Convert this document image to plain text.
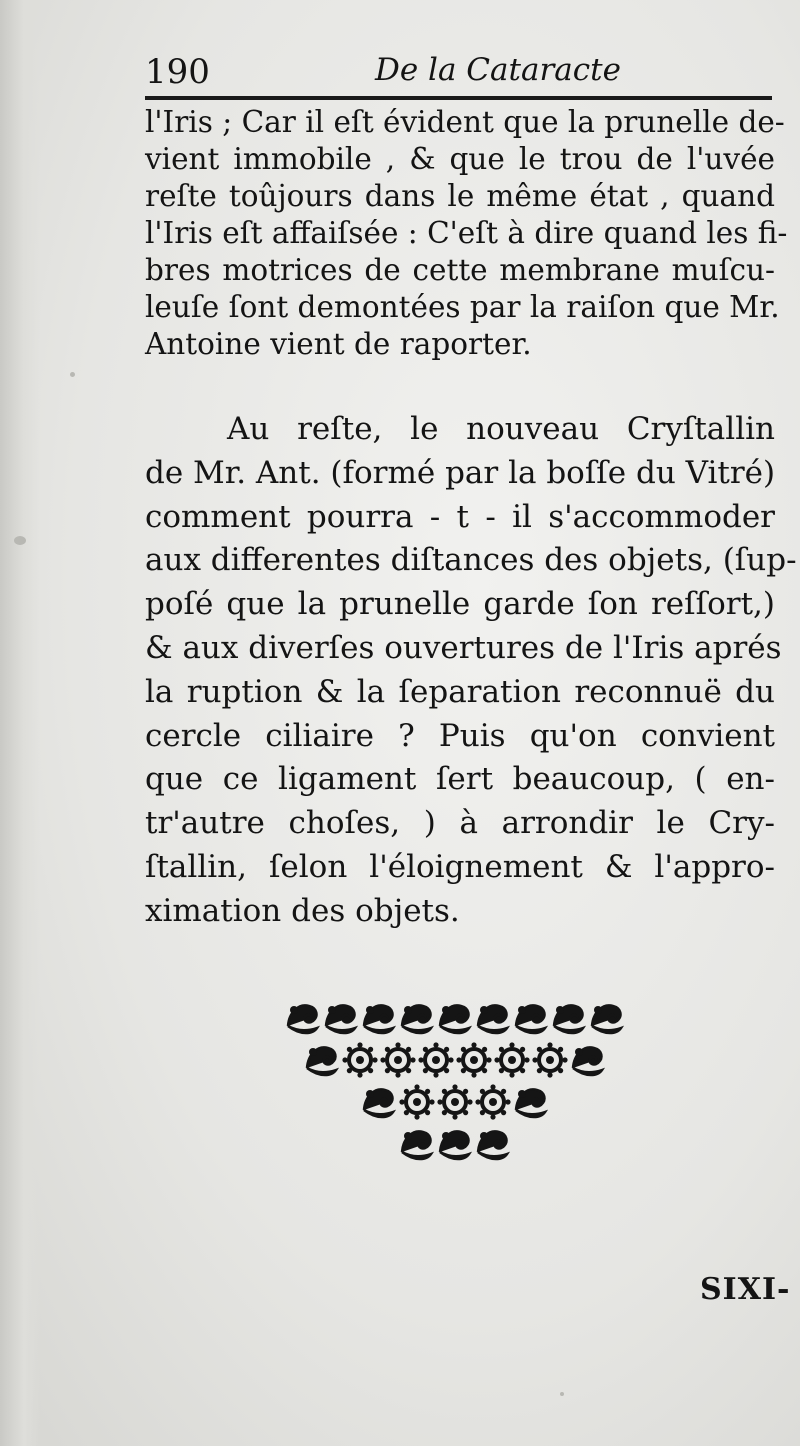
190	De la Cataracte
l'Iris ; Car il eſt évident que la prunelle de-
vient immobile , & que le trou de l'uvée
reſte toûjours dans le même état , quand
l'Iris eſt affaiſsée : C'eſt à dire quand les fi-
bres motrices de cette membrane muſcu-
leuſe ſont demontées par la raiſon que Mr.
Antoine vient de raporter.
Au reſte, le nouveau Cryſtallin
de Mr. Ant. (formé par la boſſe du Vitré)
comment pourra - t - il s'accommoder
aux differentes diſtances des objets, (ſup-
poſé que la prunelle garde ſon reſſort,)
& aux diverſes ouvertures de l'Iris aprés
la ruption & la ſeparation reconnuë du
cercle ciliaire ? Puis qu'on convient
que ce ligament ſert beaucoup, ( en-
tr'autre choſes, ) à arrondir le Cry-
ſtallin, ſelon l'éloignement & l'appro-
ximation des objets.
SIXI-
